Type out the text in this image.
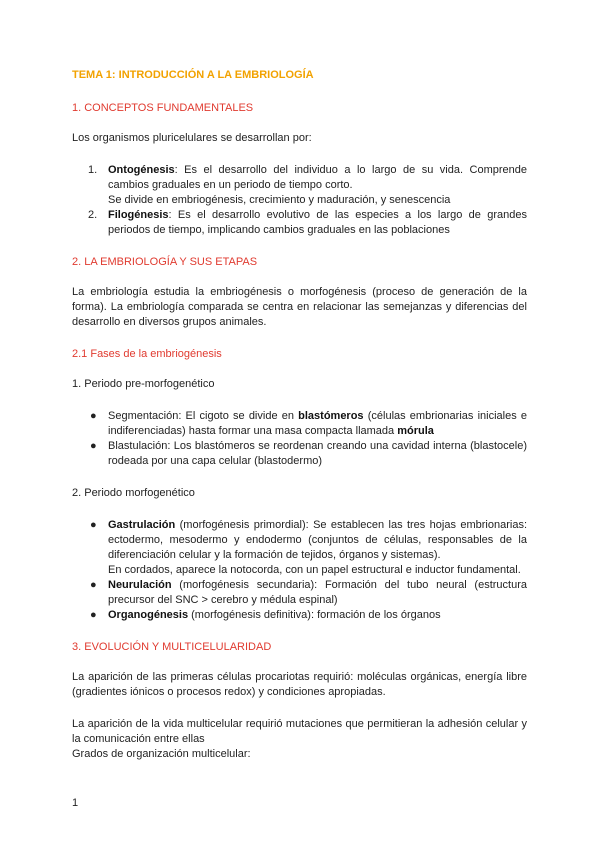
TEMA 1: INTRODUCCIÓN A LA EMBRIOLOGÍA
1. CONCEPTOS FUNDAMENTALES

Los organismos pluricelulares se desarrollan por:

1. Ontogénesis: Es el desarrollo del individuo a lo largo de su vida. Comprende cambios graduales en un periodo de tiempo corto.
Se divide en embriogénesis, crecimiento y maduración, y senescencia
2. Filogénesis: Es el desarrollo evolutivo de las especies a los largo de grandes periodos de tiempo, implicando cambios graduales en las poblaciones
2. LA EMBRIOLOGÍA Y SUS ETAPAS

La embriología estudia la embriogénesis o morfogénesis (proceso de generación de la forma). La embriología comparada se centra en relacionar las semejanzas y diferencias del desarrollo en diversos grupos animales.

2.1 Fases de la embriogénesis

1. Periodo pre-morfogenético

● Segmentación: El cigoto se divide en blastómeros (células embrionarias iniciales e indiferenciadas) hasta formar una masa compacta llamada mórula
● Blastulación: Los blastómeros se reordenan creando una cavidad interna (blastocele) rodeada por una capa celular (blastodermo)

2. Periodo morfogenético

● Gastrulación (morfogénesis primordial): Se establecen las tres hojas embrionarias: ectodermo, mesodermo y endodermo (conjuntos de células, responsables de la diferenciación celular y la formación de tejidos, órganos y sistemas).
En cordados, aparece la notocorda, con un papel estructural e inductor fundamental.
● Neurulación (morfogénesis secundaria): Formación del tubo neural (estructura precursor del SNC > cerebro y médula espinal)
● Organogénesis (morfogénesis definitiva): formación de los órganos
3. EVOLUCIÓN Y MULTICELULARIDAD

La aparición de las primeras células procariotas requirió: moléculas orgánicas, energía libre (gradientes iónicos o procesos redox) y condiciones apropiadas.

La aparición de la vida multicelular requirió mutaciones que permitieran la adhesión celular y la comunicación entre ellas

Grados de organización multicelular:

1
